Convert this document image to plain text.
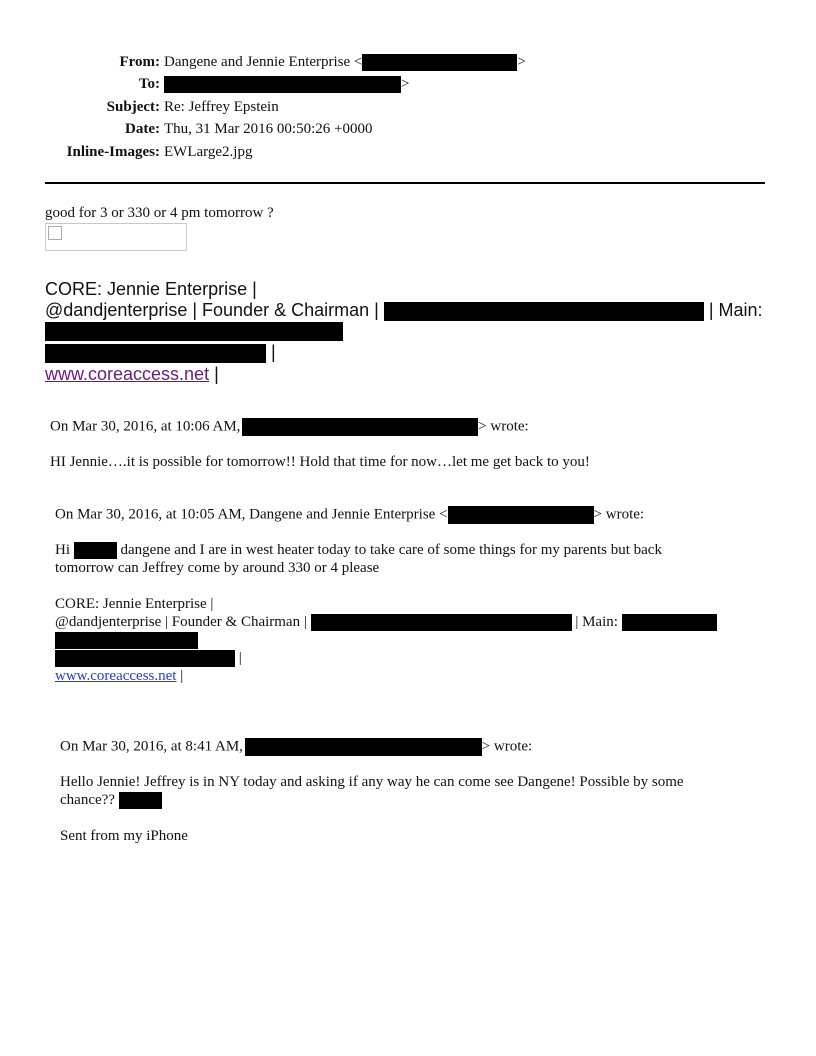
From: Dangene and Jennie Enterprise <	>
To:	>
Subject: Re: Jeffrey Epstein
Date: Thu, 31 Mar 2016 00:50:26 +0000
Inline-Images: EWLarge2.jpg
good for 3 or 330 or 4 pm tomorrow ?
CORE: Jennie Enterprise |
@dandjenterprise | Founder & Chairman |	| Main:
|
www.coreaccess.net |
On Mar 30, 2016, at 10:06 AM,	> wrote:
HI Jennie….it is possible for tomorrow!! Hold that time for now…let me get back to you!
On Mar 30, 2016, at 10:05 AM, Dangene and Jennie Enterprise <	> wrote:
Hi	dangene and I are in west heater today to take care of some things for my parents but back
tomorrow can Jeffrey come by around 330 or 4 please
CORE: Jennie Enterprise |
@dandjenterprise | Founder & Chairman |	| Main:
|
www.coreaccess.net |
On Mar 30, 2016, at 8:41 AM,	> wrote:
Hello Jennie! Jeffrey is in NY today and asking if any way he can come see Dangene! Possible by some
chance??
Sent from my iPhone
